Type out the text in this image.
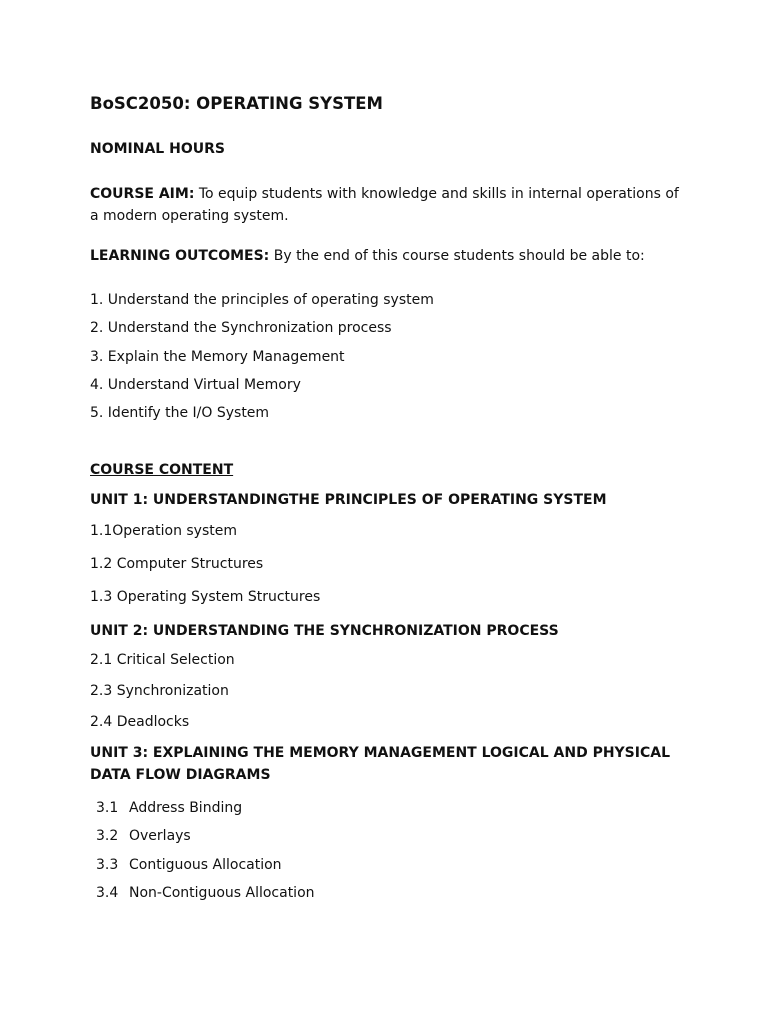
BoSC2050: OPERATING SYSTEM
NOMINAL HOURS
COURSE AIM: To equip students with knowledge and skills in internal operations of a modern operating system.
LEARNING OUTCOMES: By the end of this course students should be able to:
1. Understand the principles of operating system
2. Understand the Synchronization process
3. Explain the Memory Management
4. Understand Virtual Memory
5. Identify the I/O System
COURSE CONTENT
UNIT 1: UNDERSTANDINGTHE PRINCIPLES OF OPERATING SYSTEM
1.1Operation system
1.2 Computer Structures
1.3 Operating System Structures
UNIT 2: UNDERSTANDING THE SYNCHRONIZATION PROCESS
2.1 Critical Selection
2.3 Synchronization
2.4 Deadlocks
UNIT 3: EXPLAINING THE MEMORY MANAGEMENT LOGICAL AND PHYSICAL DATA FLOW DIAGRAMS
3.1 Address Binding
3.2 Overlays
3.3 Contiguous Allocation
3.4 Non-Contiguous Allocation
